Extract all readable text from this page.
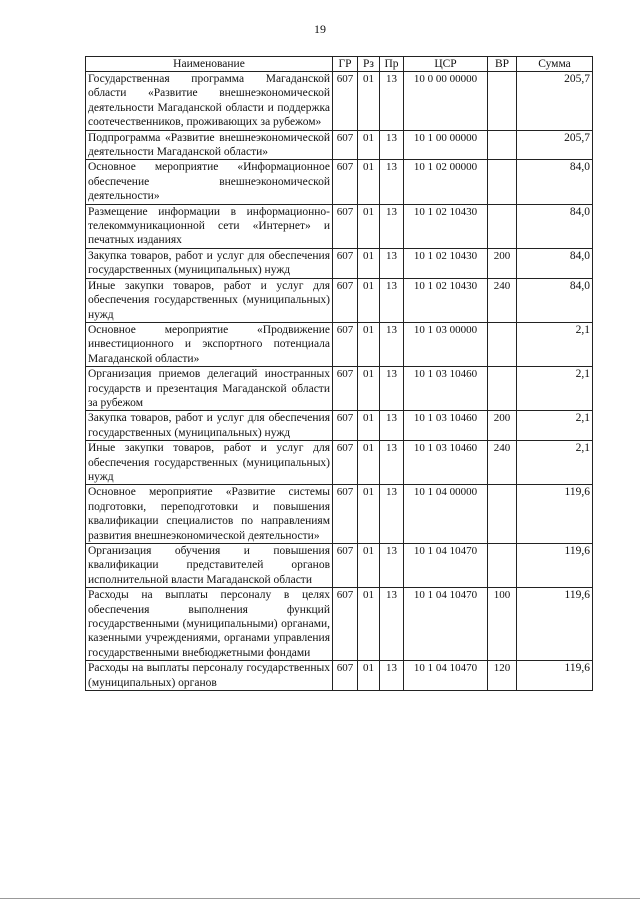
19
Наименование	ГР	Рз	Пр	ЦСР	ВР	Сумма
Государственная программа Магаданской области «Развитие внешнеэкономической деятельности Магаданской области и поддержка соотечественников, проживающих за рубежом»	607	01	13	10 0 00 00000		205,7
Подпрограмма «Развитие внешнеэкономической деятельности Магаданской области»	607	01	13	10 1 00 00000		205,7
Основное мероприятие «Информационное обеспечение внешнеэкономической деятельности»	607	01	13	10 1 02 00000		84,0
Размещение информации в информационно-телекоммуникационной сети «Интернет» и печатных изданиях	607	01	13	10 1 02 10430		84,0
Закупка товаров, работ и услуг для обеспечения государственных (муниципальных) нужд	607	01	13	10 1 02 10430	200	84,0
Иные закупки товаров, работ и услуг для обеспечения государственных (муниципальных) нужд	607	01	13	10 1 02 10430	240	84,0
Основное мероприятие «Продвижение инвестиционного и экспортного потенциала Магаданской области»	607	01	13	10 1 03 00000		2,1
Организация приемов делегаций иностранных государств и презентация Магаданской области за рубежом	607	01	13	10 1 03 10460		2,1
Закупка товаров, работ и услуг для обеспечения государственных (муниципальных) нужд	607	01	13	10 1 03 10460	200	2,1
Иные закупки товаров, работ и услуг для обеспечения государственных (муниципальных) нужд	607	01	13	10 1 03 10460	240	2,1
Основное мероприятие «Развитие системы подготовки, переподготовки и повышения квалификации специалистов по направлениям развития внешнеэкономической деятельности»	607	01	13	10 1 04 00000		119,6
Организация обучения и повышения квалификации представителей органов исполнительной власти Магаданской области	607	01	13	10 1 04 10470		119,6
Расходы на выплаты персоналу в целях обеспечения выполнения функций государственными (муниципальными) органами, казенными учреждениями, органами управления государственными внебюджетными фондами	607	01	13	10 1 04 10470	100	119,6
Расходы на выплаты персоналу государственных (муниципальных) органов	607	01	13	10 1 04 10470	120	119,6
